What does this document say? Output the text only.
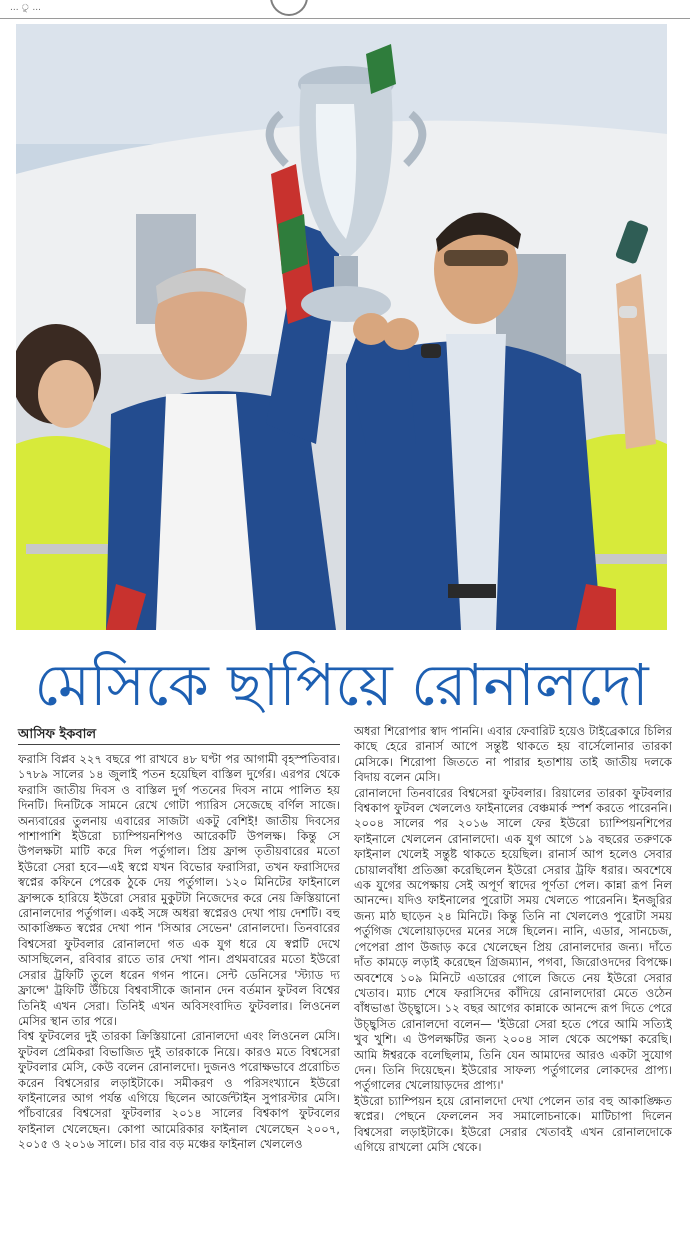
... ু ...
মেসিকে ছাপিয়ে রোনালদো
আসিফ ইকবাল

ফরাসি বিপ্লব ২২৭ বছরে পা রাখবে ৪৮ ঘণ্টা পর আগামী বৃহস্পতিবার। ১৭৮৯ সালের ১৪ জুলাই পতন হয়েছিল বাস্তিল দুর্গের। এরপর থেকে ফরাসি জাতীয় দিবস ও বাস্তিল দুর্গ পতনের দিবস নামে পালিত হয় দিনটি। দিনটিকে সামনে রেখে গোটা প্যারিস সেজেছে বর্ণিল সাজে। অন্যবারের তুলনায় এবারের সাজটা একটু বেশিই! জাতীয় দিবসের পাশাপাশি ইউরো চ্যাম্পিয়নশিপও আরেকটি উপলক্ষ। কিন্তু সে উপলক্ষটা মাটি করে দিল পর্তুগাল। প্রিয় ফ্রান্স তৃতীয়বারের মতো ইউরো সেরা হবে—এই স্বপ্নে যখন বিভোর ফরাসিরা, তখন ফরাসিদের স্বপ্নের কফিনে পেরেক ঠুকে দেয় পর্তুগাল। ১২০ মিনিটের ফাইনালে ফ্রান্সকে হারিয়ে ইউরো সেরার মুকুটটা নিজেদের করে নেয় ক্রিস্তিয়ানো রোনালদোর পর্তুগাল। একই সঙ্গে অধরা স্বপ্নেরও দেখা পায় দেশটি। বহু আকাঙ্ক্ষিত স্বপ্নের দেখা পান 'সিআর সেভেন' রোনালদো। তিনবারের বিশ্বসেরা ফুটবলার রোনালদো গত এক যুগ ধরে যে স্বপ্নটি দেখে আসছিলেন, রবিবার রাতে তার দেখা পান। প্রথমবারের মতো ইউরো সেরার ট্রফিটি তুলে ধরেন গগন পানে। সেন্ট ডেনিসের 'স্ট্যাড দ্য ফ্রান্সে' ট্রফিটি উঁচিয়ে বিশ্ববাসীকে জানান দেন বর্তমান ফুটবল বিশ্বের তিনিই এখন সেরা। তিনিই এখন অবিসংবাদিত ফুটবলার। লিওনেল মেসির স্থান তার পরে।

বিশ্ব ফুটবলের দুই তারকা ক্রিস্তিয়ানো রোনালদো এবং লিওনেল মেসি। ফুটবল প্রেমিকরা বিভাজিত দুই তারকাকে নিয়ে। কারও মতে বিশ্বসেরা ফুটবলার মেসি, কেউ বলেন রোনালদো। দুজনও পরোক্ষভাবে প্ররোচিত করেন বিশ্বসেরার লড়াইটাকে। সমীকরণ ও পরিসংখ্যানে ইউরো ফাইনালের আগ পর্যন্ত এগিয়ে ছিলেন আর্জেন্টাইন সুপারস্টার মেসি। পাঁচবারের বিশ্বসেরা ফুটবলার ২০১৪ সালের বিশ্বকাপ ফুটবলের ফাইনাল খেলেছেন। কোপা আমেরিকার ফাইনাল খেলেছেন ২০০৭, ২০১৫ ও ২০১৬ সালে। চার বার বড় মঞ্চের ফাইনাল খেললেও

অধরা শিরোপার স্বাদ পাননি। এবার ফেবারিট হয়েও টাইব্রেকারে চিলির কাছে হেরে রানার্স আপে সন্তুষ্ট থাকতে হয় বার্সেলোনার তারকা মেসিকে। শিরোপা জিততে না পারার হতাশায় তাই জাতীয় দলকে বিদায় বলেন মেসি।

রোনালদো তিনবারের বিশ্বসেরা ফুটবলার। রিয়ালের তারকা ফুটবলার বিশ্বকাপ ফুটবল খেললেও ফাইনালের বেঞ্চমার্ক স্পর্শ করতে পারেননি। ২০০৪ সালের পর ২০১৬ সালে ফের ইউরো চ্যাম্পিয়নশিপের ফাইনালে খেললেন রোনালদো। এক যুগ আগে ১৯ বছরের তরুণকে ফাইনাল খেলেই সন্তুষ্ট থাকতে হয়েছিল। রানার্স আপ হলেও সেবার চোয়ালবাঁধা প্রতিজ্ঞা করেছিলেন ইউরো সেরার ট্রফি ধরার। অবশেষে এক যুগের অপেক্ষায় সেই অপূর্ণ স্বাদের পূর্ণতা পেল। কান্না রূপ নিল আনন্দে। যদিও ফাইনালের পুরোটা সময় খেলতে পারেননি। ইনজুরির জন্য মাঠ ছাড়েন ২৪ মিনিটে। কিন্তু তিনি না খেললেও পুরোটা সময় পর্তুগিজ খেলোয়াড়দের মনের সঙ্গে ছিলেন। নানি, এডার, সানচেজ, পেপেরা প্রাণ উজাড় করে খেলেছেন প্রিয় রোনালদোর জন্য। দাঁতে দাঁত কামড়ে লড়াই করেছেন গ্রিজম্যান, পগবা, জিরোওদদের বিপক্ষে। অবশেষে ১০৯ মিনিটে এডারের গোলে জিতে নেয় ইউরো সেরার খেতাব। ম্যাচ শেষে ফরাসিদের কাঁদিয়ে রোনালদোরা মেতে ওঠেন বাঁধভাঙা উচ্ছ্বাসে। ১২ বছর আগের কান্নাকে আনন্দে রূপ দিতে পেরে উচ্ছ্বসিত রোনালদো বলেন— 'ইউরো সেরা হতে পেরে আমি সত্যিই খুব খুশি। এ উপলক্ষটির জন্য ২০০৪ সাল থেকে অপেক্ষা করেছি। আমি ঈশ্বরকে বলেছিলাম, তিনি যেন আমাদের আরও একটা সুযোগ দেন। তিনি দিয়েছেন। ইউরোর সাফল্য পর্তুগালের লোকদের প্রাপ্য। পর্তুগালের খেলোয়াড়দের প্রাপ্য।'

ইউরো চ্যাম্পিয়ন হয়ে রোনালদো দেখা পেলেন তার বহু আকাঙ্ক্ষিত স্বপ্নের। পেছনে ফেললেন সব সমালোচনাকে। মাটিচাপা দিলেন বিশ্বসেরা লড়াইটাকে। ইউরো সেরার খেতাবই এখন রোনালদোকে এগিয়ে রাখলো মেসি থেকে।
